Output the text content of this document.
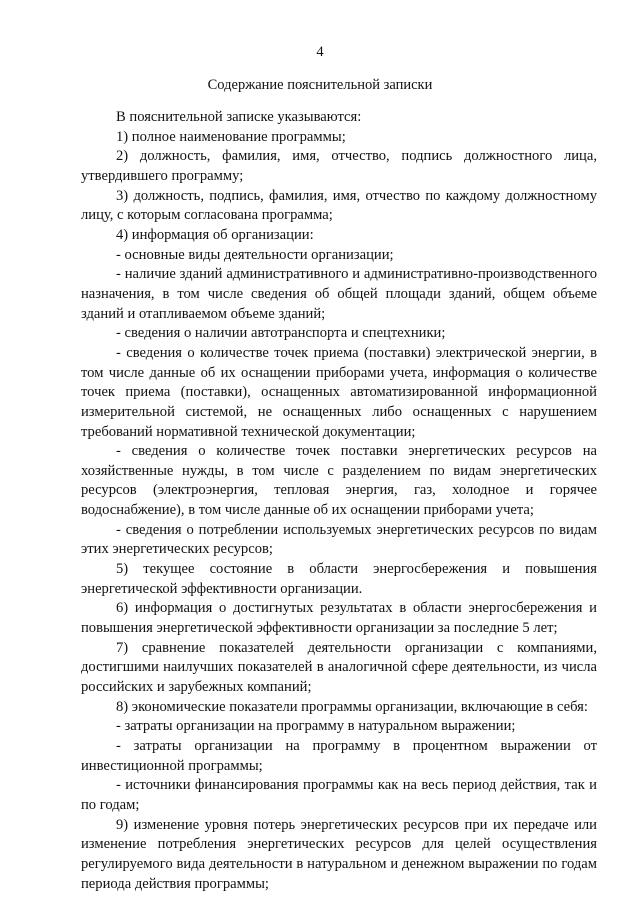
4
Содержание пояснительной записки

В пояснительной записке указываются:

1) полное наименование программы;

2) должность, фамилия, имя, отчество, подпись должностного лица, утвердившего программу;

3) должность, подпись, фамилия, имя, отчество по каждому должностному лицу, с которым согласована программа;

4) информация об организации:

- основные виды деятельности организации;

- наличие зданий административного и административно-производственного назначения, в том числе сведения об общей площади зданий, общем объеме зданий и отапливаемом объеме зданий;

- сведения о наличии автотранспорта и спецтехники;

- сведения о количестве точек приема (поставки) электрической энергии, в том числе данные об их оснащении приборами учета, информация о количестве точек приема (поставки), оснащенных автоматизированной информационной измерительной системой, не оснащенных либо оснащенных с нарушением требований нормативной технической документации;

- сведения о количестве точек поставки энергетических ресурсов на хозяйственные нужды, в том числе с разделением по видам энергетических ресурсов (электроэнергия, тепловая энергия, газ, холодное и горячее водоснабжение), в том числе данные об их оснащении приборами учета;

- сведения о потреблении используемых энергетических ресурсов по видам этих энергетических ресурсов;

5) текущее состояние в области энергосбережения и повышения энергетической эффективности организации.

6) информация о достигнутых результатах в области энергосбережения и повышения энергетической эффективности организации за последние 5 лет;

7) сравнение показателей деятельности организации с компаниями, достигшими наилучших показателей в аналогичной сфере деятельности, из числа российских и зарубежных компаний;

8) экономические показатели программы организации, включающие в себя:

- затраты организации на программу в натуральном выражении;

- затраты организации на программу в процентном выражении от инвестиционной программы;

- источники финансирования программы как на весь период действия, так и по годам;

9) изменение уровня потерь энергетических ресурсов при их передаче или изменение потребления энергетических ресурсов для целей осуществления регулируемого вида деятельности в натуральном и денежном выражении по годам периода действия программы;
